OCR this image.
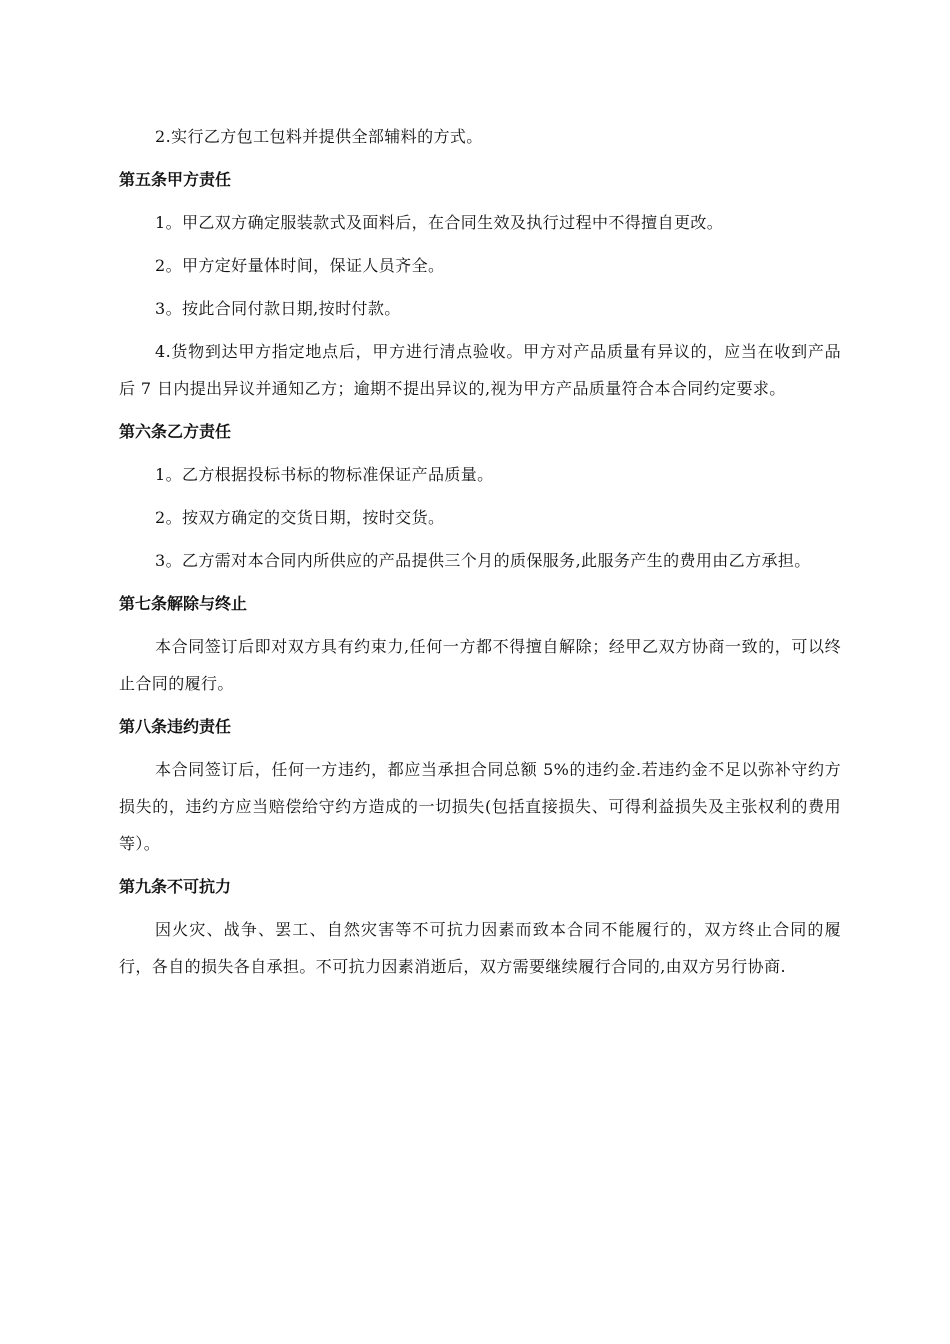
2.实行乙方包工包料并提供全部辅料的方式。

第五条甲方责任

1。甲乙双方确定服装款式及面料后，在合同生效及执行过程中不得擅自更改。

2。甲方定好量体时间，保证人员齐全。

3。按此合同付款日期,按时付款。

4.货物到达甲方指定地点后，甲方进行清点验收。甲方对产品质量有异议的，应当在收到产品后 7 日内提出异议并通知乙方；逾期不提出异议的,视为甲方产品质量符合本合同约定要求。

第六条乙方责任

1。乙方根据投标书标的物标准保证产品质量。

2。按双方确定的交货日期，按时交货。

3。乙方需对本合同内所供应的产品提供三个月的质保服务,此服务产生的费用由乙方承担。

第七条解除与终止

本合同签订后即对双方具有约束力,任何一方都不得擅自解除；经甲乙双方协商一致的，可以终止合同的履行。

第八条违约责任

本合同签订后，任何一方违约，都应当承担合同总额 5%的违约金.若违约金不足以弥补守约方损失的，违约方应当赔偿给守约方造成的一切损失(包括直接损失、可得利益损失及主张权利的费用等）。

第九条不可抗力

因火灾、战争、罢工、自然灾害等不可抗力因素而致本合同不能履行的，双方终止合同的履行，各自的损失各自承担。不可抗力因素消逝后，双方需要继续履行合同的,由双方另行协商.
